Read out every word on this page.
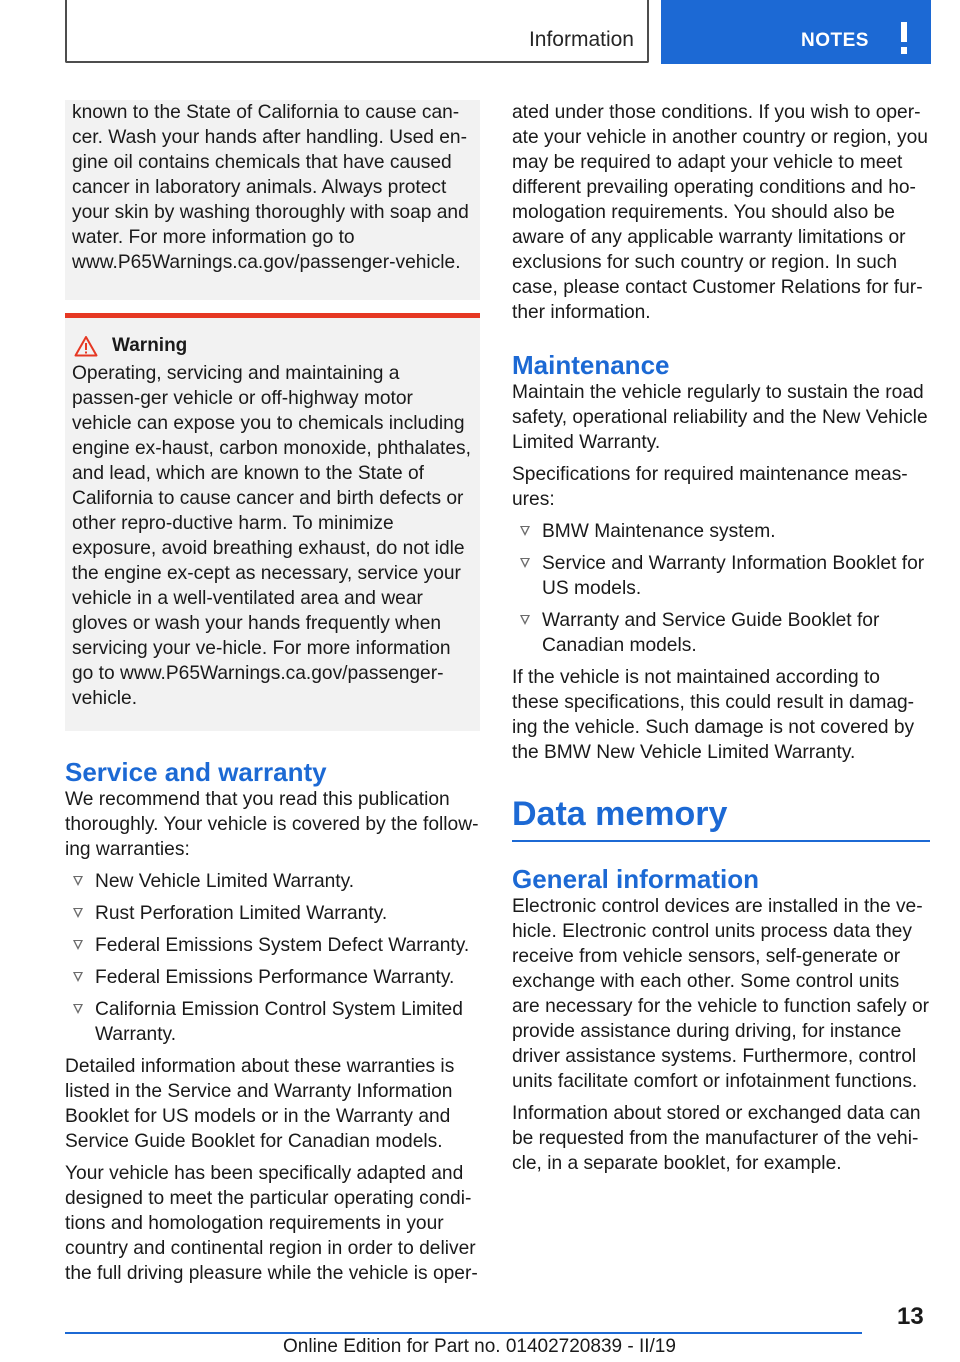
Information	NOTES
known to the State of California to cause can-cer. Wash your hands after handling. Used en-gine oil contains chemicals that have caused cancer in laboratory animals. Always protect your skin by washing thoroughly with soap and water. For more information go to www.P65Warnings.ca.gov/passenger-vehicle.
Warning
Operating, servicing and maintaining a passen-ger vehicle or off-highway motor vehicle can expose you to chemicals including engine ex-haust, carbon monoxide, phthalates, and lead, which are known to the State of California to cause cancer and birth defects or other repro-ductive harm. To minimize exposure, avoid breathing exhaust, do not idle the engine ex-cept as necessary, service your vehicle in a well-ventilated area and wear gloves or wash your hands frequently when servicing your ve-hicle. For more information go to www.P65Warnings.ca.gov/passenger-vehicle.
Service and warranty

We recommend that you read this publication thoroughly. Your vehicle is covered by the follow-ing warranties:

New Vehicle Limited Warranty.
Rust Perforation Limited Warranty.
Federal Emissions System Defect Warranty.
Federal Emissions Performance Warranty.
California Emission Control System Limited Warranty.

Detailed information about these warranties is listed in the Service and Warranty Information Booklet for US models or in the Warranty and Service Guide Booklet for Canadian models.

Your vehicle has been specifically adapted and designed to meet the particular operating condi-tions and homologation requirements in your country and continental region in order to deliver the full driving pleasure while the vehicle is oper-

ated under those conditions. If you wish to oper-ate your vehicle in another country or region, you may be required to adapt your vehicle to meet different prevailing operating conditions and ho-mologation requirements. You should also be aware of any applicable warranty limitations or exclusions for such country or region. In such case, please contact Customer Relations for fur-ther information.

Maintenance

Maintain the vehicle regularly to sustain the road safety, operational reliability and the New Vehicle Limited Warranty.

Specifications for required maintenance meas-ures:

BMW Maintenance system.
Service and Warranty Information Booklet for US models.
Warranty and Service Guide Booklet for Canadian models.

If the vehicle is not maintained according to these specifications, this could result in damag-ing the vehicle. Such damage is not covered by the BMW New Vehicle Limited Warranty.

Data memory
General information

Electronic control devices are installed in the ve-hicle. Electronic control units process data they receive from vehicle sensors, self-generate or exchange with each other. Some control units are necessary for the vehicle to function safely or provide assistance during driving, for instance driver assistance systems. Furthermore, control units facilitate comfort or infotainment functions.

Information about stored or exchanged data can be requested from the manufacturer of the vehi-cle, in a separate booklet, for example.

13
Online Edition for Part no. 01402720839 - II/19
